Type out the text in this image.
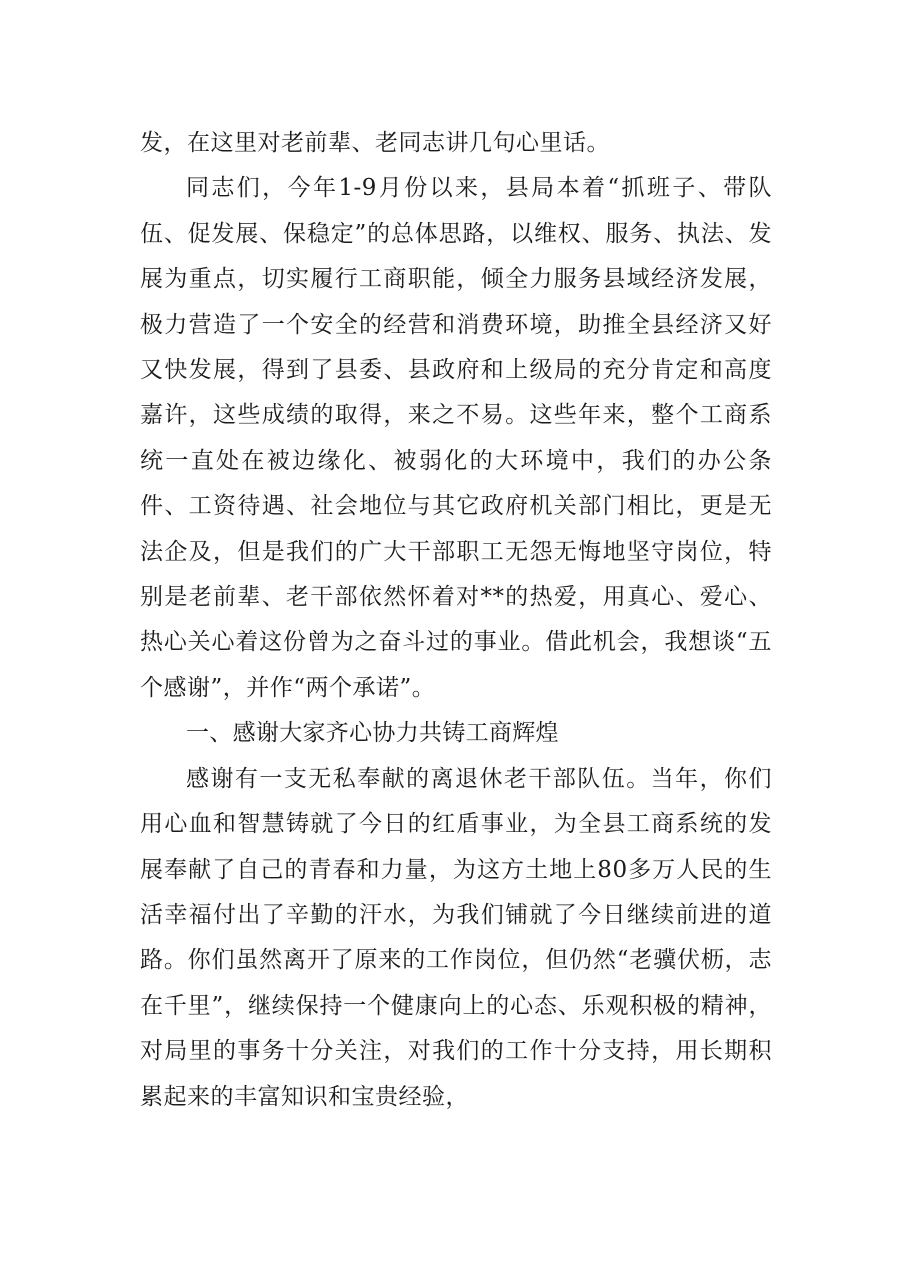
发，在这里对老前辈、老同志讲几句心里话。

同志们，今年1-9月份以来，县局本着“抓班子、带队伍、促发展、保稳定”的总体思路，以维权、服务、执法、发展为重点，切实履行工商职能，倾全力服务县域经济发展，极力营造了一个安全的经营和消费环境，助推全县经济又好又快发展，得到了县委、县政府和上级局的充分肯定和高度嘉许，这些成绩的取得，来之不易。这些年来，整个工商系统一直处在被边缘化、被弱化的大环境中，我们的办公条件、工资待遇、社会地位与其它政府机关部门相比，更是无法企及，但是我们的广大干部职工无怨无悔地坚守岗位，特别是老前辈、老干部依然怀着对**的热爱，用真心、爱心、热心关心着这份曾为之奋斗过的事业。借此机会，我想谈“五个感谢”，并作“两个承诺”。

一、感谢大家齐心协力共铸工商辉煌

感谢有一支无私奉献的离退休老干部队伍。当年，你们用心血和智慧铸就了今日的红盾事业，为全县工商系统的发展奉献了自己的青春和力量，为这方土地上80多万人民的生活幸福付出了辛勤的汗水，为我们铺就了今日继续前进的道路。你们虽然离开了原来的工作岗位，但仍然“老骥伏枥，志在千里”，继续保持一个健康向上的心态、乐观积极的精神，对局里的事务十分关注，对我们的工作十分支持，用长期积累起来的丰富知识和宝贵经验，
